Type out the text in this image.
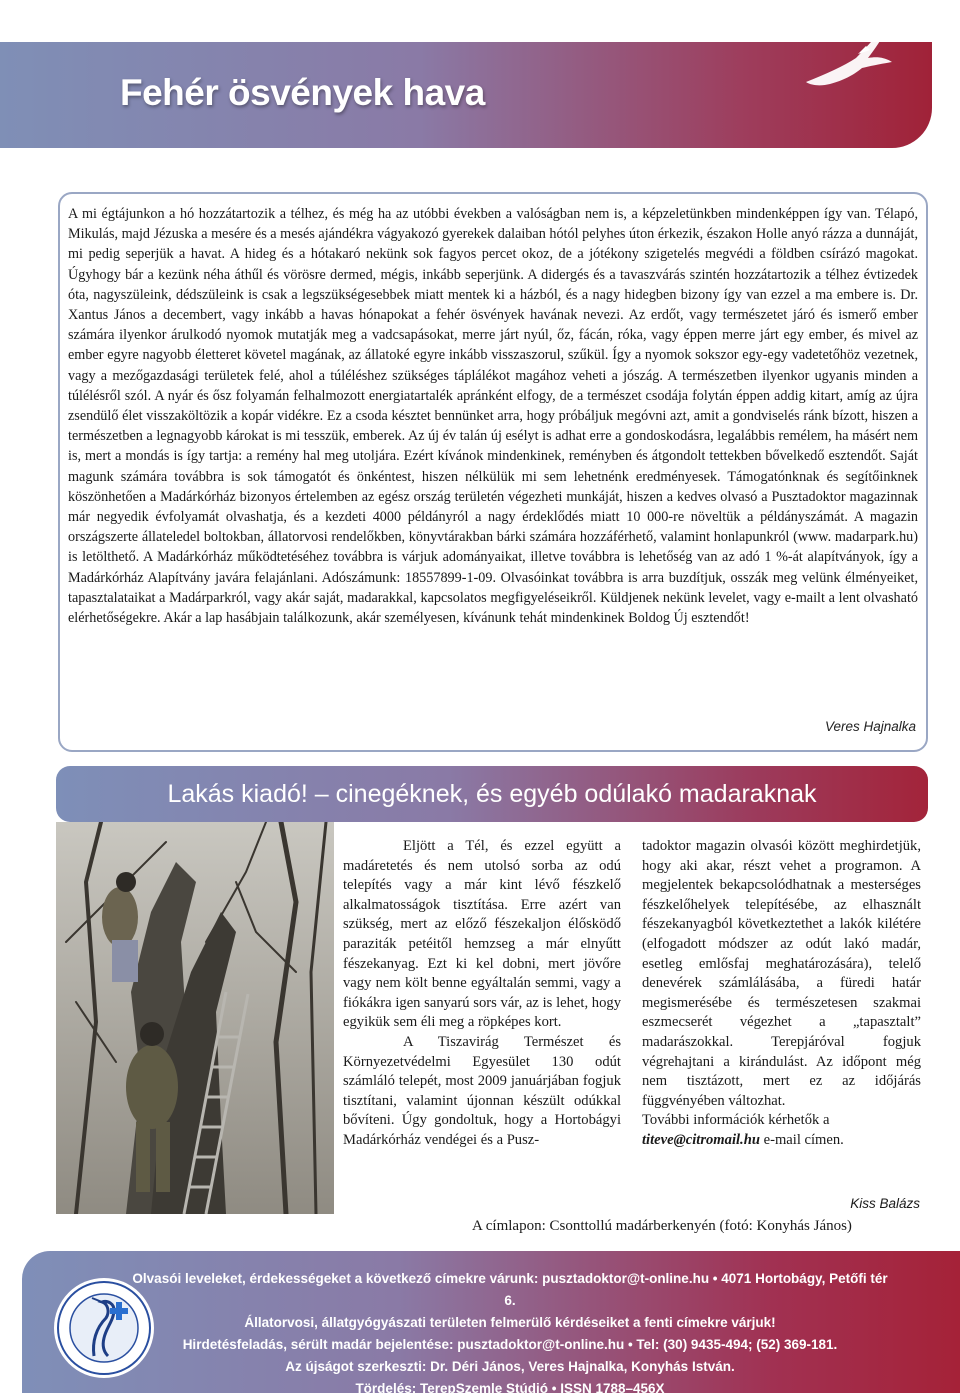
Fehér ösvények hava

A mi égtájunkon a hó hozzátartozik a télhez, és még ha az utóbbi években a valóságban nem is, a képzeletünkben mindenképpen így van. Télapó, Mikulás, majd Jézuska a mesére és a mesés ajándékra vágyakozó gyerekek dalaiban hótól pelyhes úton érkezik, északon Holle anyó rázza a dunnáját, mi pedig seperjük a havat. A hideg és a hótakaró nekünk sok fagyos percet okoz, de a jótékony szigetelés megvédi a földben csírázó magokat. Úgyhogy bár a kezünk néha áthűl és vörösre dermed, mégis, inkább seperjünk. A didergés és a tavaszvárás szintén hozzátartozik a télhez évtizedek óta, nagyszüleink, dédszüleink is csak a legszükségesebbek miatt mentek ki a házból, és a nagy hidegben bizony így van ezzel a ma embere is. Dr. Xantus János a decembert, vagy inkább a havas hónapokat a fehér ösvények havának nevezi. Az erdőt, vagy természetet járó és ismerő ember számára ilyenkor árulkodó nyomok mutatják meg a vadcsapásokat, merre járt nyúl, őz, fácán, róka, vagy éppen merre járt egy ember, és mivel az ember egyre nagyobb életteret követel magának, az állatoké egyre inkább visszaszorul, szűkül. Így a nyomok sokszor egy-egy vadetetőhöz vezetnek, vagy a mezőgazdasági területek felé, ahol a túléléshez szükséges táplálékot magához veheti a jószág. A természetben ilyenkor ugyanis minden a túlélésről szól. A nyár és ősz folyamán felhalmozott energiatartalék apránként elfogy, de a természet csodája folytán éppen addig kitart, amíg az újra zsendülő élet visszaköltözik a kopár vidékre. Ez a csoda késztet bennünket arra, hogy próbáljuk megóvni azt, amit a gondviselés ránk bízott, hiszen a természetben a legnagyobb károkat is mi tesszük, emberek. Az új év talán új esélyt is adhat erre a gondoskodásra, legalábbis remélem, ha másért nem is, mert a mondás is így tartja: a remény hal meg utoljára. Ezért kívánok mindenkinek, reményben és átgondolt tettekben bővelkedő esztendőt. Saját magunk számára továbbra is sok támogatót és önkéntest, hiszen nélkülük mi sem lehetnénk eredményesek. Támogatónknak és segítőinknek köszönhetően a Madárkórház bizonyos értelemben az egész ország területén végezheti munkáját, hiszen a kedves olvasó a Pusztadoktor magazinnak már negyedik évfolyamát olvashatja, és a kezdeti 4000 példányról a nagy érdeklődés miatt 10 000-re növeltük a példányszámát. A magazin országszerte állateledel boltokban, állatorvosi rendelőkben, könyvtárakban bárki számára hozzáférhető, valamint honlapunkról (www. madarpark.hu) is letölthető. A Madárkórház működtetéséhez továbbra is várjuk adományaikat, illetve továbbra is lehetőség van az adó 1 %-át alapítványok, így a Madárkórház Alapítvány javára felajánlani. Adószámunk: 18557899-1-09. Olvasóinkat továbbra is arra buzdítjuk, osszák meg velünk élményeiket, tapasztalataikat a Madárparkról, vagy akár saját, madarakkal, kapcsolatos megfigyeléseikről. Küldjenek nekünk levelet, vagy e-mailt a lent olvasható elérhetőségekre. Akár a lap hasábjain találkozunk, akár személyesen, kívánunk tehát mindenkinek Boldog Új esztendőt!

Veres Hajnalka
Lakás kiadó! – cinegéknek, és egyéb odúlakó madaraknak

Eljött a Tél, és ezzel együtt a madáretetés és nem utolsó sorba az odú telepítés vagy a már kint lévő fészkelő alkalmatosságok tisztítása. Erre azért van szükség, mert az előző fészekaljon élősködő paraziták petéitől hemzseg a már elnyűtt fészekanyag. Ezt ki kel dobni, mert jövőre vagy nem költ benne egyáltalán semmi, vagy a fiókákra igen sanyarú sors vár, az is lehet, hogy egyikük sem éli meg a röpképes kort.

A Tiszavirág Természet és Környezetvédelmi Egyesület 130 odút számláló telepét, most 2009 januárjában fogjuk tisztítani, valamint újonnan készült odúkkal bővíteni. Úgy gondoltuk, hogy a Hortobágyi Madárkórház vendégei és a Pusz-

tadoktor magazin olvasói között meghirdetjük, hogy aki akar, részt vehet a programon. A megjelentek bekapcsolódhatnak a mesterséges fészkelőhelyek telepítésébe, az elhasznált fészekanyagból következtethet a lakók kilétére (elfogadott módszer az odút lakó madár, esetleg emlősfaj meghatározására), telelő denevérek számlálásába, a füredi határ megismerésébe és természetesen szakmai eszmecserét végezhet a „tapasztalt” madarászokkal. Terepjáróval fogjuk végrehajtani a kirándulást. Az időpont még nem tisztázott, mert ez az időjárás függvényében változhat.

További információk kérhetők a
titeve@citromail.hu e-mail címen.

Kiss Balázs
A címlapon: Csonttollú madárberkenyén (fotó: Konyhás János)
Olvasói leveleket, érdekességeket a következő címekre várunk: pusztadoktor@t-online.hu • 4071 Hortobágy, Petőfi tér 6.
Állatorvosi, állatgyógyászati területen felmerülő kérdéseiket a fenti címekre várjuk!
Hirdetésfeladás, sérült madár bejelentése: pusztadoktor@t-online.hu • Tel: (30) 9435-494; (52) 369-181.
Az újságot szerkeszti: Dr. Déri János, Veres Hajnalka, Konyhás István.
Tördelés: TerepSzemle Stúdió • ISSN 1788–456X
